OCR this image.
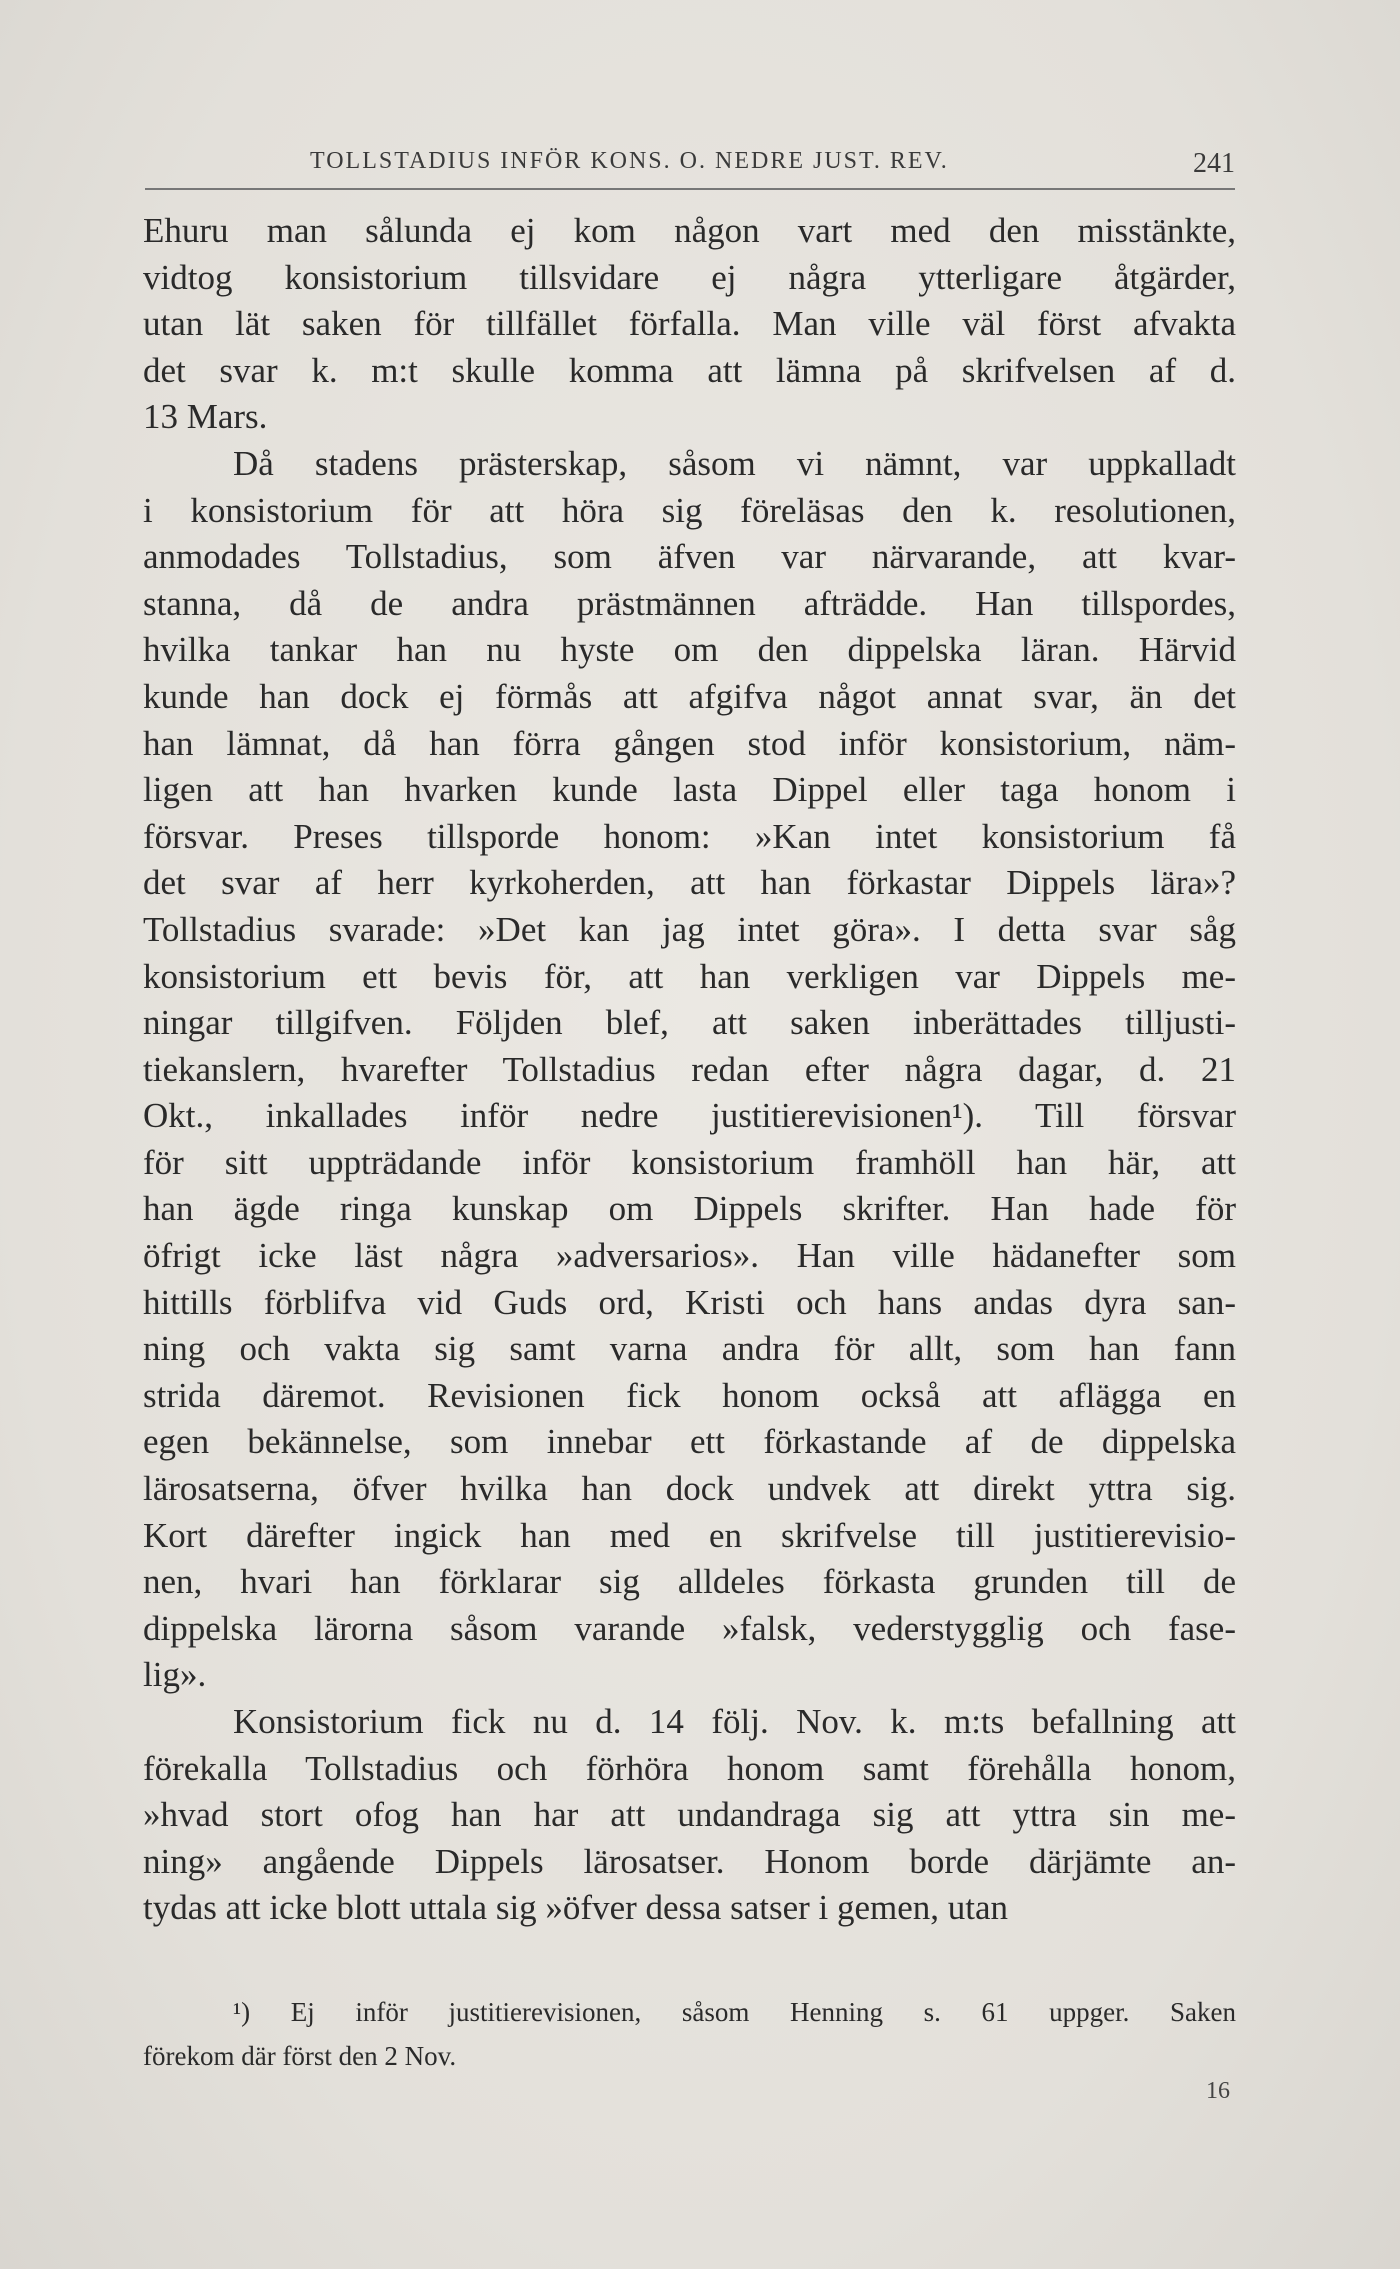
TOLLSTADIUS INFÖR KONS. O. NEDRE JUST. REV.	241
Ehuru man sålunda ej kom någon vart med den misstänkte,
vidtog konsistorium tillsvidare ej några ytterligare åtgärder,
utan lät saken för tillfället förfalla. Man ville väl först afvakta
det svar k. m:t skulle komma att lämna på skrifvelsen af d.
13 Mars.
Då stadens prästerskap, såsom vi nämnt, var uppkalladt
i konsistorium för att höra sig föreläsas den k. resolutionen,
anmodades Tollstadius, som äfven var närvarande, att kvar-
stanna, då de andra prästmännen afträdde. Han tillspordes,
hvilka tankar han nu hyste om den dippelska läran. Härvid
kunde han dock ej förmås att afgifva något annat svar, än det
han lämnat, då han förra gången stod inför konsistorium, näm-
ligen att han hvarken kunde lasta Dippel eller taga honom i
försvar. Preses tillsporde honom: »Kan intet konsistorium få
det svar af herr kyrkoherden, att han förkastar Dippels lära»?
Tollstadius svarade: »Det kan jag intet göra». I detta svar såg
konsistorium ett bevis för, att han verkligen var Dippels me-
ningar tillgifven. Följden blef, att saken inberättades tilljusti-
tiekanslern, hvarefter Tollstadius redan efter några dagar, d. 21
Okt., inkallades inför nedre justitierevisionen¹). Till försvar
för sitt uppträdande inför konsistorium framhöll han här, att
han ägde ringa kunskap om Dippels skrifter. Han hade för
öfrigt icke läst några »adversarios». Han ville hädanefter som
hittills förblifva vid Guds ord, Kristi och hans andas dyra san-
ning och vakta sig samt varna andra för allt, som han fann
strida däremot. Revisionen fick honom också att aflägga en
egen bekännelse, som innebar ett förkastande af de dippelska
lärosatserna, öfver hvilka han dock undvek att direkt yttra sig.
Kort därefter ingick han med en skrifvelse till justitierevisio-
nen, hvari han förklarar sig alldeles förkasta grunden till de
dippelska lärorna såsom varande »falsk, vederstygglig och fase-
lig».
Konsistorium fick nu d. 14 följ. Nov. k. m:ts befallning att
förekalla Tollstadius och förhöra honom samt förehålla honom,
»hvad stort ofog han har att undandraga sig att yttra sin me-
ning» angående Dippels lärosatser. Honom borde därjämte an-
tydas att icke blott uttala sig »öfver dessa satser i gemen, utan
¹) Ej inför justitierevisionen, såsom Henning s. 61 uppger. Saken
förekom där först den 2 Nov.
16
